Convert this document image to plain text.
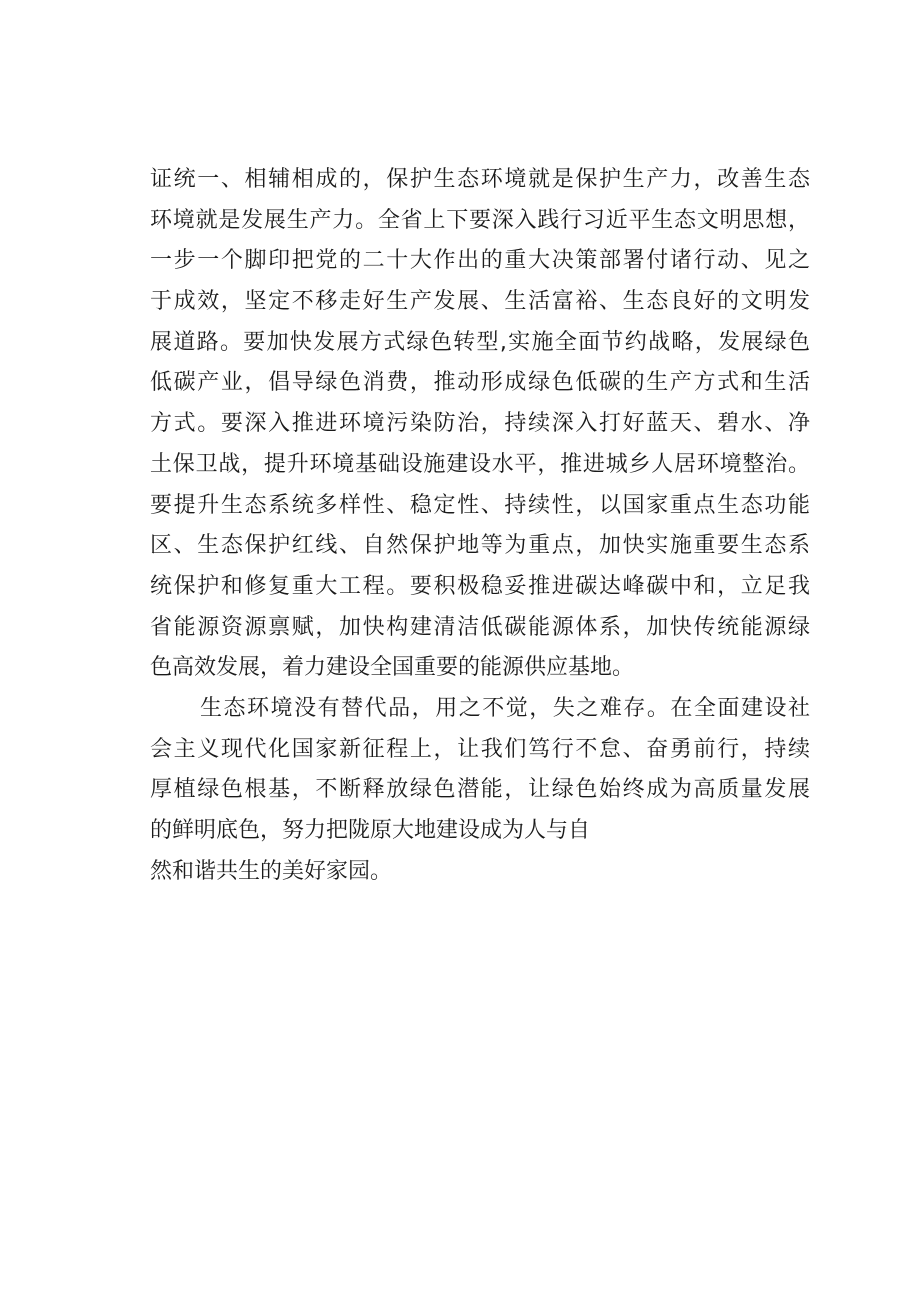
证统一、相辅相成的，保护生态环境就是保护生产力，改善生态
环境就是发展生产力。全省上下要深入践行习近平生态文明思想，
一步一个脚印把党的二十大作出的重大决策部署付诸行动、见之
于成效，坚定不移走好生产发展、生活富裕、生态良好的文明发
展道路。要加快发展方式绿色转型,实施全面节约战略，发展绿色
低碳产业，倡导绿色消费，推动形成绿色低碳的生产方式和生活
方式。要深入推进环境污染防治，持续深入打好蓝天、碧水、净
土保卫战，提升环境基础设施建设水平，推进城乡人居环境整治。
要提升生态系统多样性、稳定性、持续性，以国家重点生态功能
区、生态保护红线、自然保护地等为重点，加快实施重要生态系
统保护和修复重大工程。要积极稳妥推进碳达峰碳中和，立足我
省能源资源禀赋，加快构建清洁低碳能源体系，加快传统能源绿
色高效发展，着力建设全国重要的能源供应基地。
生态环境没有替代品，用之不觉，失之难存。在全面建设社
会主义现代化国家新征程上，让我们笃行不怠、奋勇前行，持续
厚植绿色根基，不断释放绿色潜能，让绿色始终成为高质量发展
的鲜明底色，努力把陇原大地建设成为人与自
然和谐共生的美好家园。
